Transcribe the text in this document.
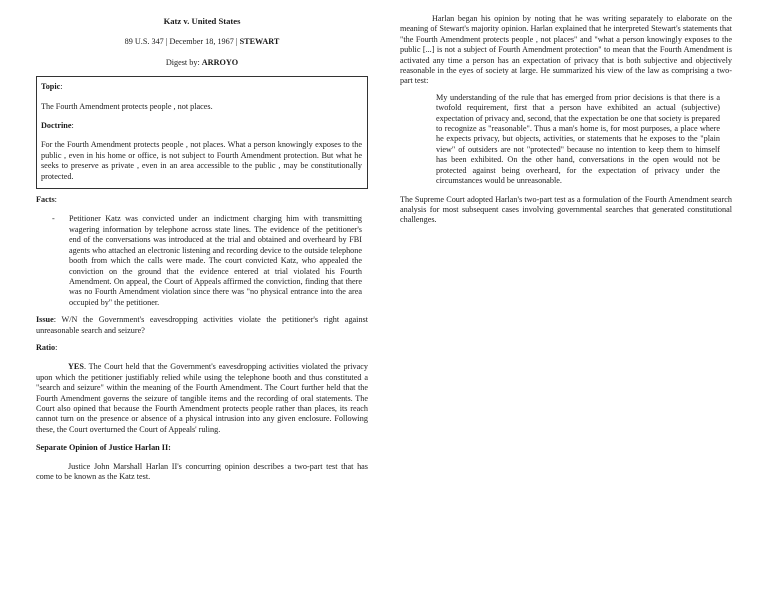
Katz v. United States
89 U.S. 347 | December 18, 1967 | STEWART
Digest by: ARROYO

Topic:

The Fourth Amendment protects people , not places.

Doctrine:

For the Fourth Amendment protects people , not places. What a person knowingly exposes to the public , even in his home or office, is not subject to Fourth Amendment protection. But what he seeks to preserve as private , even in an area accessible to the public , may be constitutionally protected.

Facts:
-	Petitioner Katz was convicted under an indictment charging him with transmitting wagering information by telephone across state lines. The evidence of the petitioner's end of the conversations was introduced at the trial and obtained and overheard by FBI agents who attached an electronic listening and recording device to the outside telephone booth from which the calls were made. The court convicted Katz, who appealed the conviction on the ground that the evidence entered at trial violated his Fourth Amendment. On appeal, the Court of Appeals affirmed the conviction, finding that there was no Fourth Amendment violation since there was "no physical entrance into the area occupied by" the petitioner.

Issue: W/N the Government's eavesdropping activities violate the petitioner's right against unreasonable search and seizure?

Ratio:

YES. The Court held that the Government's eavesdropping activities violated the privacy upon which the petitioner justifiably relied while using the telephone booth and thus constituted a "search and seizure" within the meaning of the Fourth Amendment. The Court further held that the Fourth Amendment governs the seizure of tangible items and the recording of oral statements. The Court also opined that because the Fourth Amendment protects people rather than places, its reach cannot turn on the presence or absence of a physical intrusion into any given enclosure. Following these, the Court overturned the Court of Appeals' ruling.

Separate Opinion of Justice Harlan II:

Justice John Marshall Harlan II's concurring opinion describes a two-part test that has come to be known as the Katz test.

Harlan began his opinion by noting that he was writing separately to elaborate on the meaning of Stewart's majority opinion. Harlan explained that he interpreted Stewart's statements that "the Fourth Amendment protects people , not places" and "what a person knowingly exposes to the public [...] is not a subject of Fourth Amendment protection" to mean that the Fourth Amendment is activated any time a person has an expectation of privacy that is both subjective and objectively reasonable in the eyes of society at large. He summarized his view of the law as comprising a two-part test:

My understanding of the rule that has emerged from prior decisions is that there is a twofold requirement, first that a person have exhibited an actual (subjective) expectation of privacy and, second, that the expectation be one that society is prepared to recognize as "reasonable". Thus a man's home is, for most purposes, a place where he expects privacy, but objects, activities, or statements that he exposes to the "plain view" of outsiders are not "protected" because no intention to keep them to himself has been exhibited. On the other hand, conversations in the open would not be protected against being overheard, for the expectation of privacy under the circumstances would be unreasonable.

The Supreme Court adopted Harlan's two-part test as a formulation of the Fourth Amendment search analysis for most subsequent cases involving governmental searches that generated constitutional challenges.
